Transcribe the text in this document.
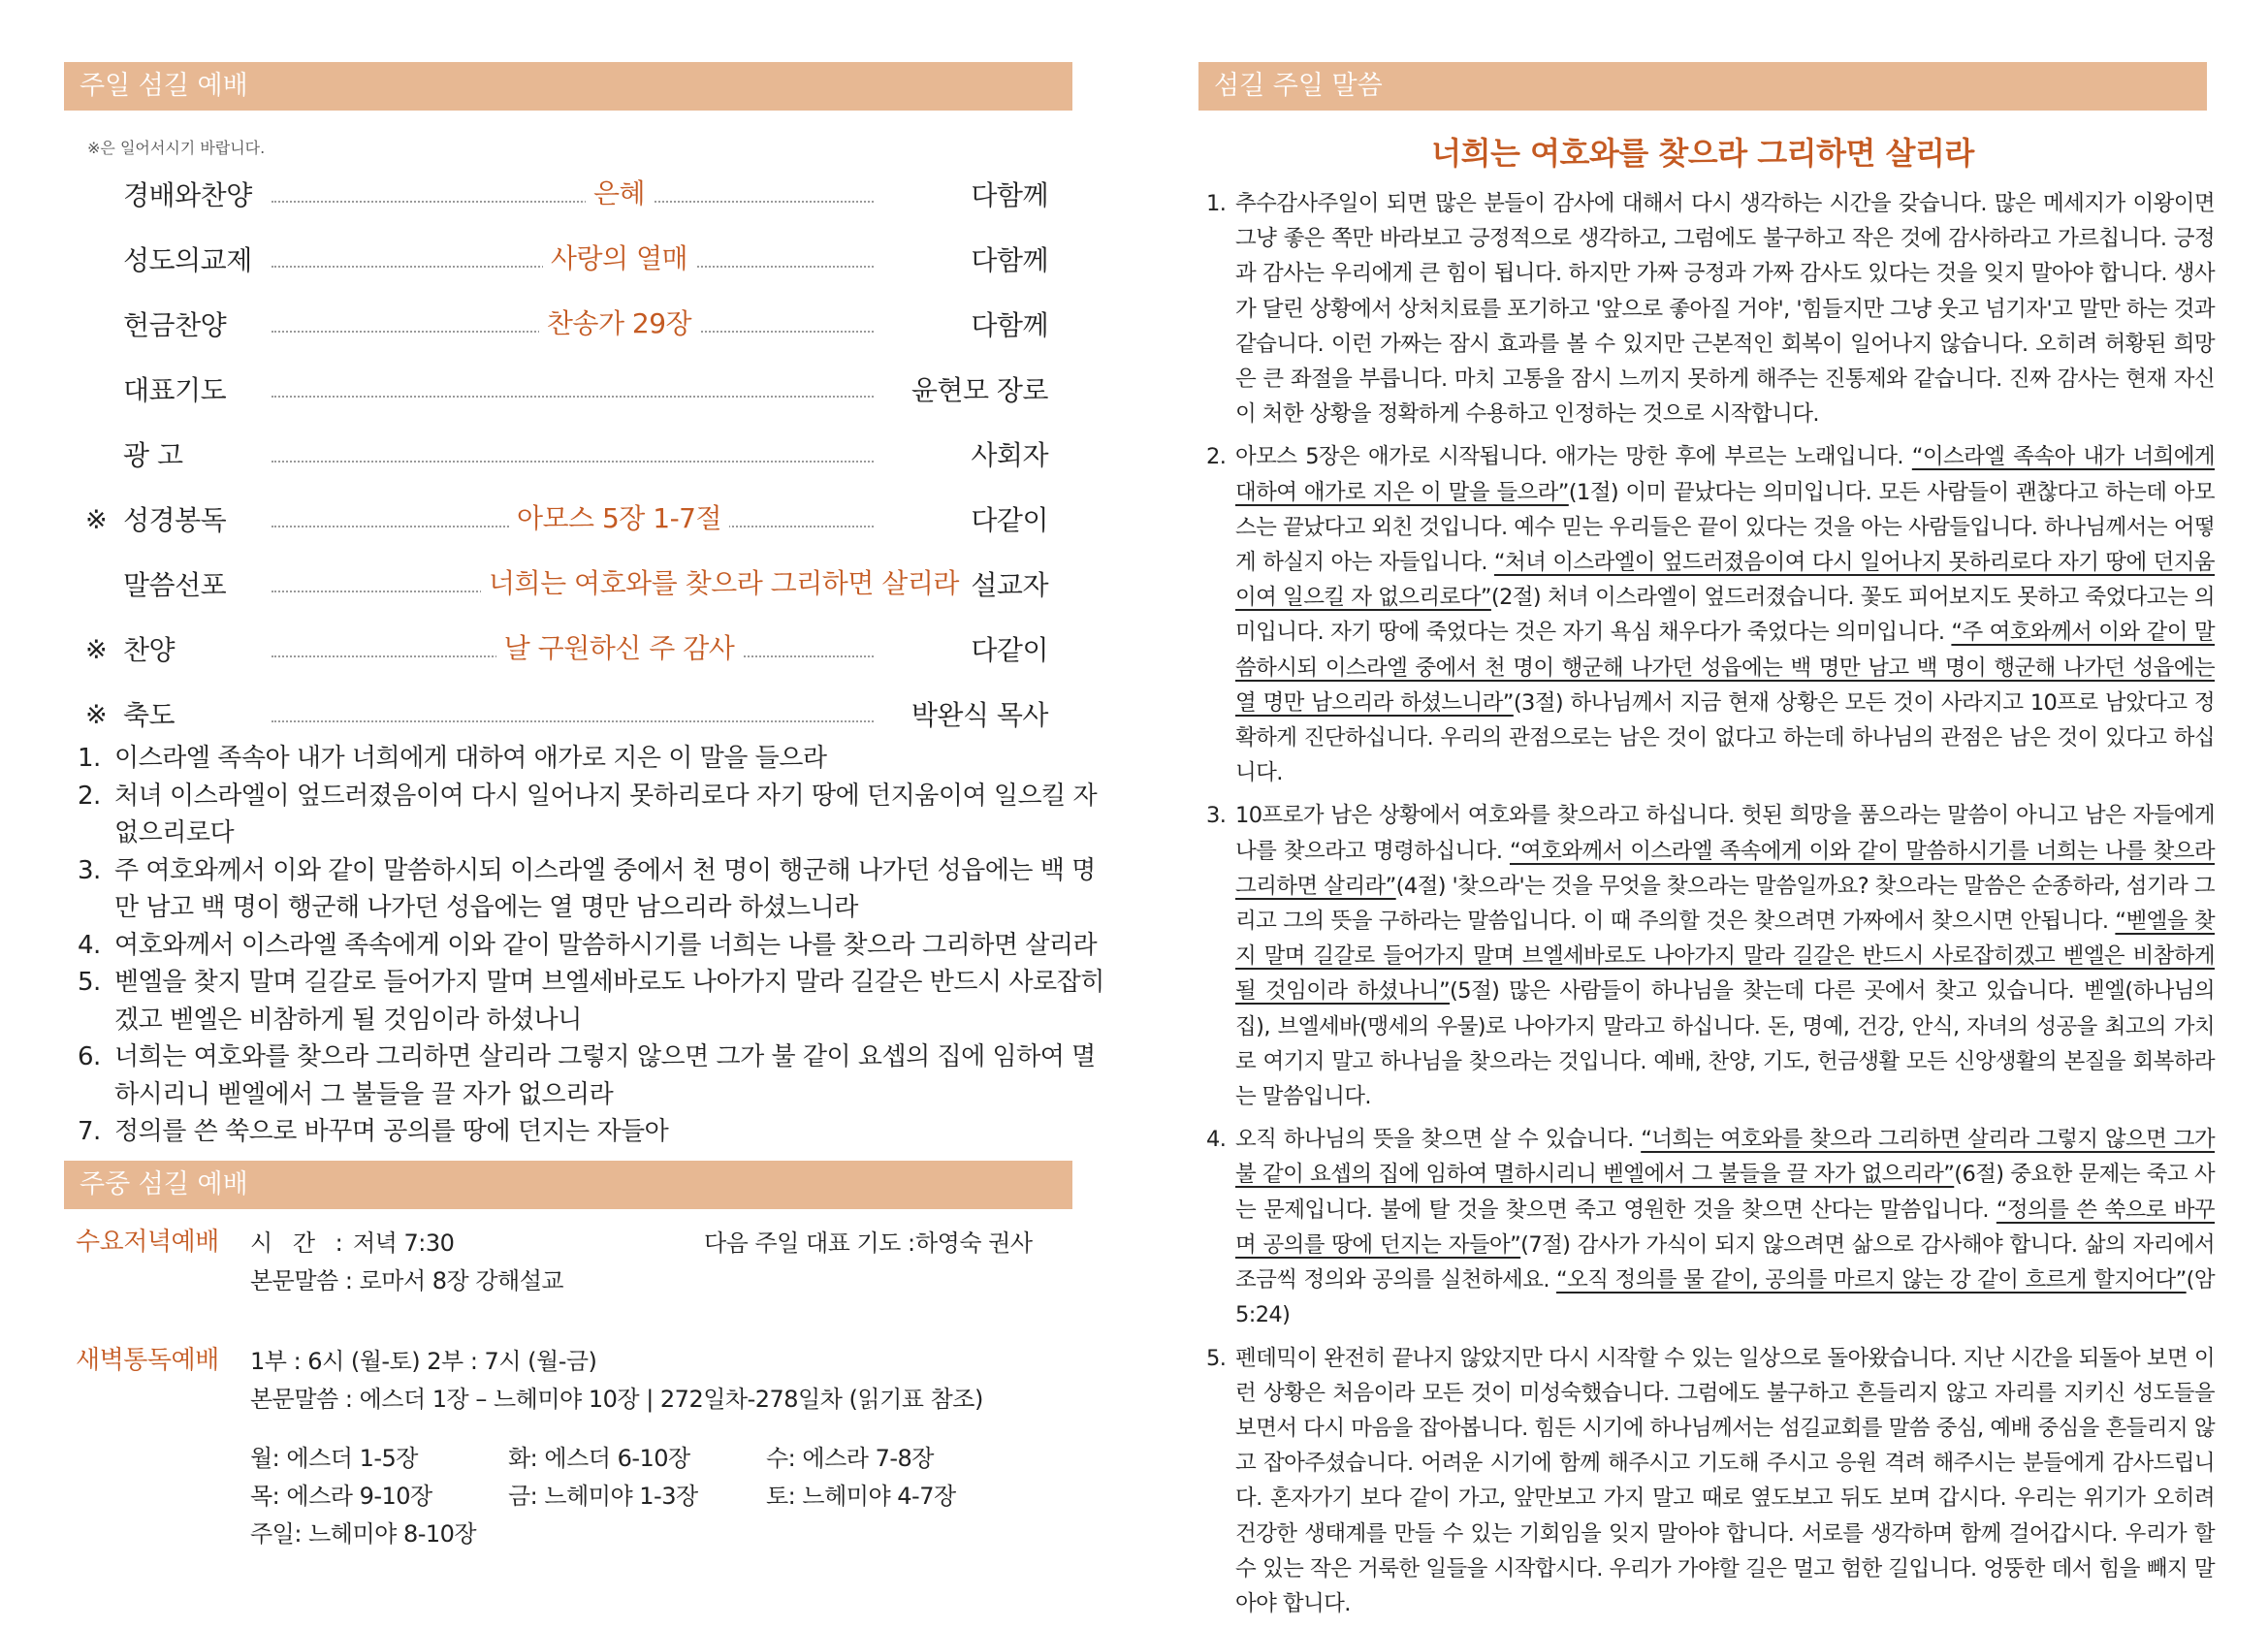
주일 섬길 예배
※은 일어서시기 바랍니다.
경배와찬양	은혜	다함께
성도의교제	사랑의 열매	다함께
헌금찬양	찬송가 29장	다함께
대표기도	윤현모 장로
광 고	사회자
※ 성경봉독	아모스 5장 1-7절	다같이
말씀선포	너희는 여호와를 찾으라 그리하면 살리라 설교자
※ 찬양	날 구원하신 주 감사	다같이
※ 축도	박완식 목사
1. 이스라엘 족속아 내가 너희에게 대하여 애가로 지은 이 말을 들으라
2. 처녀 이스라엘이 엎드러졌음이여 다시 일어나지 못하리로다 자기 땅에 던지움이여 일으킬 자 없으리로다
3. 주 여호와께서 이와 같이 말씀하시되 이스라엘 중에서 천 명이 행군해 나가던 성읍에는 백 명만 남고 백 명이 행군해 나가던 성읍에는 열 명만 남으리라 하셨느니라
4. 여호와께서 이스라엘 족속에게 이와 같이 말씀하시기를 너희는 나를 찾으라 그리하면 살리라
5. 벧엘을 찾지 말며 길갈로 들어가지 말며 브엘세바로도 나아가지 말라 길갈은 반드시 사로잡히겠고 벧엘은 비참하게 될 것임이라 하셨나니
6. 너희는 여호와를 찾으라 그리하면 살리라 그렇지 않으면 그가 불 같이 요셉의 집에 임하여 멸하시리니 벧엘에서 그 불들을 끌 자가 없으리라
7. 정의를 쓴 쑥으로 바꾸며 공의를 땅에 던지는 자들아
주중 섬길 예배
수요저녁예배 시 간 : 저녁 7:30	다음 주일 대표 기도 : 하영숙 권사
본문말씀 : 로마서 8장 강해설교
새벽통독예배 1부 : 6시 (월-토) 2부 : 7시 (월-금)
본문말씀 : 에스더 1장 – 느헤미야 10장 | 272일차-278일차 (읽기표 참조)
월: 에스더 1-5장	화: 에스더 6-10장	수: 에스라 7-8장
목: 에스라 9-10장	금: 느헤미야 1-3장	토: 느헤미야 4-7장
주일: 느헤미야 8-10장
섬길 주일 말씀
너희는 여호와를 찾으라 그리하면 살리라
1. 추수감사주일이 되면 많은 분들이 감사에 대해서 다시 생각하는 시간을 갖습니다. 많은 메세지가 이왕이면 그냥 좋은 쪽만 바라보고 긍정적으로 생각하고, 그럼에도 불구하고 작은 것에 감사하라고 가르칩니다. 긍정과 감사는 우리에게 큰 힘이 됩니다. 하지만 가짜 긍정과 가짜 감사도 있다는 것을 잊지 말아야 합니다. 생사가 달린 상황에서 상처치료를 포기하고 '앞으로 좋아질 거야', '힘들지만 그냥 웃고 넘기자'고 말만 하는 것과 같습니다. 이런 가짜는 잠시 효과를 볼 수 있지만 근본적인 회복이 일어나지 않습니다. 오히려 허황된 희망은 큰 좌절을 부릅니다. 마치 고통을 잠시 느끼지 못하게 해주는 진통제와 같습니다. 진짜 감사는 현재 자신이 처한 상황을 정확하게 수용하고 인정하는 것으로 시작합니다.
2. 아모스 5장은 애가로 시작됩니다. 애가는 망한 후에 부르는 노래입니다. “이스라엘 족속아 내가 너희에게 대하여 애가로 지은 이 말을 들으라”(1절) 이미 끝났다는 의미입니다. 모든 사람들이 괜찮다고 하는데 아모스는 끝났다고 외친 것입니다. 예수 믿는 우리들은 끝이 있다는 것을 아는 사람들입니다. 하나님께서는 어떻게 하실지 아는 자들입니다. “처녀 이스라엘이 엎드러졌음이여 다시 일어나지 못하리로다 자기 땅에 던지움이여 일으킬 자 없으리로다”(2절) 처녀 이스라엘이 엎드러졌습니다. 꽃도 피어보지도 못하고 죽었다고는 의미입니다. 자기 땅에 죽었다는 것은 자기 욕심 채우다가 죽었다는 의미입니다. “주 여호와께서 이와 같이 말씀하시되 이스라엘 중에서 천 명이 행군해 나가던 성읍에는 백 명만 남고 백 명이 행군해 나가던 성읍에는 열 명만 남으리라 하셨느니라”(3절) 하나님께서 지금 현재 상황은 모든 것이 사라지고 10프로 남았다고 정확하게 진단하십니다. 우리의 관점으로는 남은 것이 없다고 하는데 하나님의 관점은 남은 것이 있다고 하십니다.
3. 10프로가 남은 상황에서 여호와를 찾으라고 하십니다. 헛된 희망을 품으라는 말씀이 아니고 남은 자들에게 나를 찾으라고 명령하십니다. “여호와께서 이스라엘 족속에게 이와 같이 말씀하시기를 너희는 나를 찾으라 그리하면 살리라”(4절) '찾으라'는 것을 무엇을 찾으라는 말씀일까요? 찾으라는 말씀은 순종하라, 섬기라 그리고 그의 뜻을 구하라는 말씀입니다. 이 때 주의할 것은 찾으려면 가짜에서 찾으시면 안됩니다. “벧엘을 찾지 말며 길갈로 들어가지 말며 브엘세바로도 나아가지 말라 길갈은 반드시 사로잡히겠고 벧엘은 비참하게 될 것임이라 하셨나니”(5절) 많은 사람들이 하나님을 찾는데 다른 곳에서 찾고 있습니다. 벧엘(하나님의 집), 브엘세바(맹세의 우물)로 나아가지 말라고 하십니다. 돈, 명예, 건강, 안식, 자녀의 성공을 최고의 가치로 여기지 말고 하나님을 찾으라는 것입니다. 예배, 찬양, 기도, 헌금생활 모든 신앙생활의 본질을 회복하라는 말씀입니다.
4. 오직 하나님의 뜻을 찾으면 살 수 있습니다. “너희는 여호와를 찾으라 그리하면 살리라 그렇지 않으면 그가 불 같이 요셉의 집에 임하여 멸하시리니 벧엘에서 그 불들을 끌 자가 없으리라”(6절) 중요한 문제는 죽고 사는 문제입니다. 불에 탈 것을 찾으면 죽고 영원한 것을 찾으면 산다는 말씀입니다. “정의를 쓴 쑥으로 바꾸며 공의를 땅에 던지는 자들아”(7절) 감사가 가식이 되지 않으려면 삶으로 감사해야 합니다. 삶의 자리에서 조금씩 정의와 공의를 실천하세요. “오직 정의를 물 같이, 공의를 마르지 않는 강 같이 흐르게 할지어다”(암 5:24)
5. 펜데믹이 완전히 끝나지 않았지만 다시 시작할 수 있는 일상으로 돌아왔습니다. 지난 시간을 되돌아 보면 이런 상황은 처음이라 모든 것이 미성숙했습니다. 그럼에도 불구하고 흔들리지 않고 자리를 지키신 성도들을 보면서 다시 마음을 잡아봅니다. 힘든 시기에 하나님께서는 섬길교회를 말씀 중심, 예배 중심을 흔들리지 않고 잡아주셨습니다. 어려운 시기에 함께 해주시고 기도해 주시고 응원 격려 해주시는 분들에게 감사드립니다. 혼자가기 보다 같이 가고, 앞만보고 가지 말고 때로 옆도보고 뒤도 보며 갑시다. 우리는 위기가 오히려 건강한 생태계를 만들 수 있는 기회임을 잊지 말아야 합니다. 서로를 생각하며 함께 걸어갑시다. 우리가 할 수 있는 작은 거룩한 일들을 시작합시다. 우리가 가야할 길은 멀고 험한 길입니다. 엉뚱한 데서 힘을 빼지 말아야 합니다.
